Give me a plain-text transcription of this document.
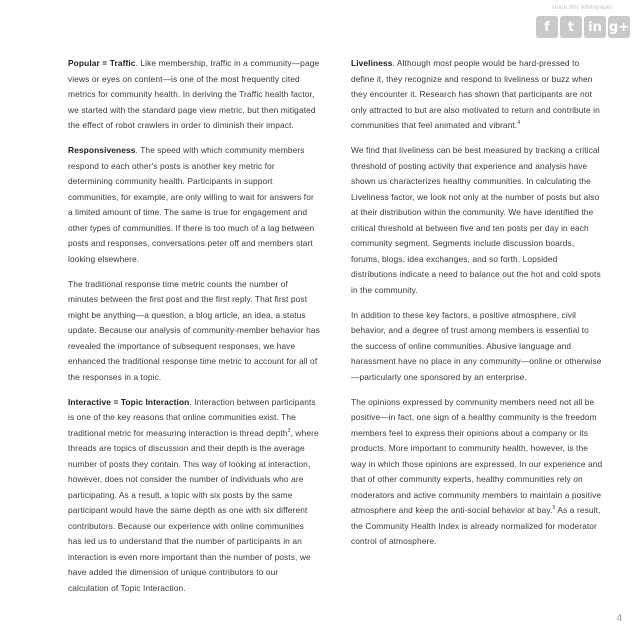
share this whitepaper
f	t	in g+

Popular = Traffic. Like membership, traffic in a community—page views or eyes on content—is one of the most frequently cited metrics for community health. In deriving the Traffic health factor, we started with the standard page view metric, but then mitigated the effect of robot crawlers in order to diminish their impact.

Responsiveness. The speed with which community members respond to each other's posts is another key metric for determining community health. Participants in support communities, for example, are only willing to wait for answers for a limited amount of time. The same is true for engagement and other types of communities. If there is too much of a lag between posts and responses, conversations peter off and members start looking elsewhere.

The traditional response time metric counts the number of minutes between the first post and the first reply. That first post might be anything—a question, a blog article, an idea, a status update. Because our analysis of community-member behavior has revealed the importance of subsequent responses, we have enhanced the traditional response time metric to account for all of the responses in a topic.

Interactive = Topic Interaction. Interaction between participants is one of the key reasons that online communities exist. The traditional metric for measuring interaction is thread depth$^3$, where threads are topics of discussion and their depth is the average number of posts they contain. This way of looking at interaction, however, does not consider the number of individuals who are participating. As a result, a topic with six posts by the same participant would have the same depth as one with six different contributors. Because our experience with online communities has led us to understand that the number of participants in an interaction is even more important than the number of posts, we have added the dimension of unique contributors to our calculation of Topic Interaction.

Liveliness. Although most people would be hard-pressed to define it, they recognize and respond to liveliness or buzz when they encounter it. Research has shown that participants are not only attracted to but are also motivated to return and contribute in communities that feel animated and vibrant.$^4$

We find that liveliness can be best measured by tracking a critical threshold of posting activity that experience and analysis have shown us characterizes healthy communities. In calculating the Liveliness factor, we look not only at the number of posts but also at their distribution within the community. We have identified the critical threshold at between five and ten posts per day in each community segment. Segments include discussion boards, forums, blogs, idea exchanges, and so forth. Lopsided distributions indicate a need to balance out the hot and cold spots in the community.

In addition to these key factors, a positive atmosphere, civil behavior, and a degree of trust among members is essential to the success of online communities. Abusive language and harassment have no place in any community—online or otherwise—particularly one sponsored by an enterprise.

The opinions expressed by community members need not all be positive—in fact, one sign of a healthy community is the freedom members feel to express their opinions about a company or its products. More important to community health, however, is the way in which those opinions are expressed. In our experience and that of other community experts, healthy communities rely on moderators and active community members to maintain a positive atmosphere and keep the anti-social behavior at bay.$^5$ As a result, the Community Health Index is already normalized for moderator control of atmosphere.

4
